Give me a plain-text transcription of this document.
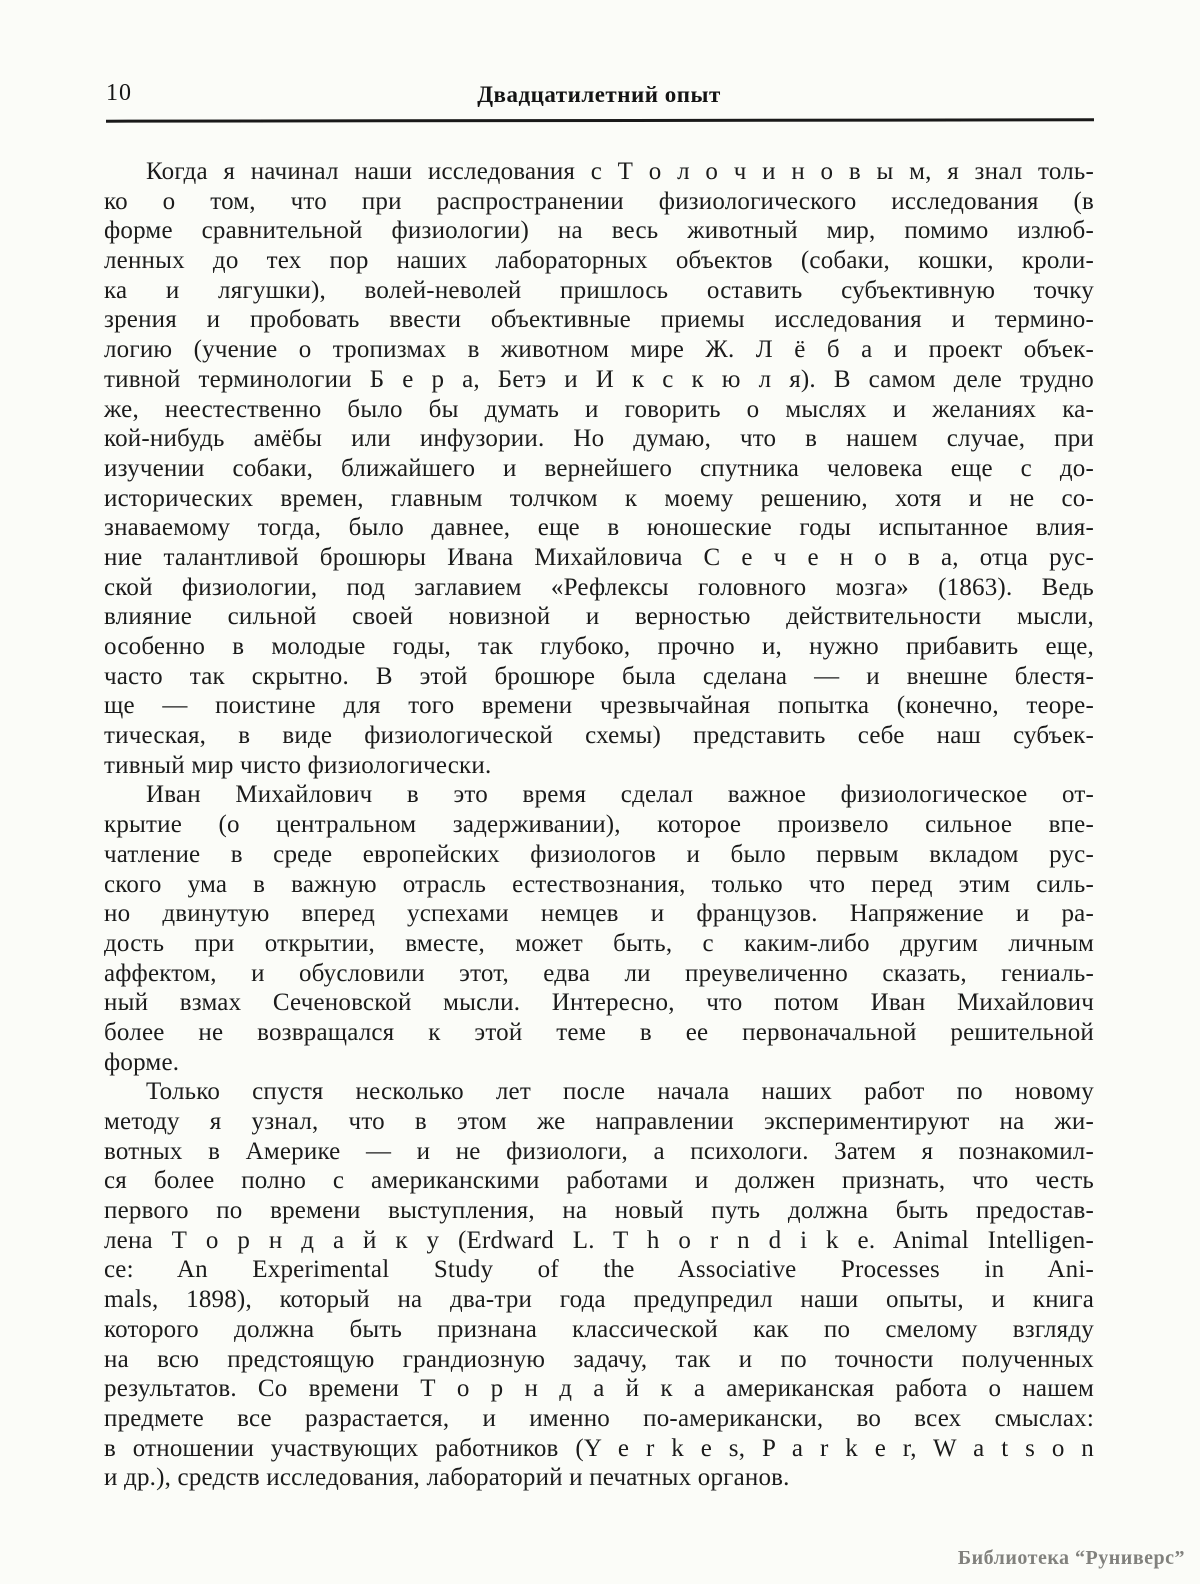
10	Двадцатилетний опыт
Когда я начинал наши исследования с Т о л о ч и н о в ы м, я знал толь-
ко о том, что при распространении физиологического исследования (в
форме сравнительной физиологии) на весь животный мир, помимо излюб-
ленных до тех пор наших лабораторных объектов (собаки, кошки, кроли-
ка и лягушки), волей-неволей пришлось оставить субъективную точку
зрения и пробовать ввести объективные приемы исследования и термино-
логию (учение о тропизмах в животном мире Ж. Л ё б а и проект объек-
тивной терминологии Б е р а, Бетэ и И к с к ю л я). В самом деле трудно
же, неестественно было бы думать и говорить о мыслях и желаниях ка-
кой-нибудь амёбы или инфузории. Но думаю, что в нашем случае, при
изучении собаки, ближайшего и вернейшего спутника человека еще с до-
исторических времен, главным толчком к моему решению, хотя и не со-
знаваемому тогда, было давнее, еще в юношеские годы испытанное влия-
ние талантливой брошюры Ивана Михайловича С е ч е н о в а, отца рус-
ской физиологии, под заглавием «Рефлексы головного мозга» (1863). Ведь
влияние сильной своей новизной и верностью действительности мысли,
особенно в молодые годы, так глубоко, прочно и, нужно прибавить еще,
часто так скрытно. В этой брошюре была сделана — и внешне блестя-
ще — поистине для того времени чрезвычайная попытка (конечно, теоре-
тическая, в виде физиологической схемы) представить себе наш субъек-
тивный мир чисто физиологически.
Иван Михайлович в это время сделал важное физиологическое от-
крытие (о центральном задерживании), которое произвело сильное впе-
чатление в среде европейских физиологов и было первым вкладом рус-
ского ума в важную отрасль естествознания, только что перед этим силь-
но двинутую вперед успехами немцев и французов. Напряжение и ра-
дость при открытии, вместе, может быть, с каким-либо другим личным
аффектом, и обусловили этот, едва ли преувеличенно сказать, гениаль-
ный взмах Сеченовской мысли. Интересно, что потом Иван Михайлович
более не возвращался к этой теме в ее первоначальной решительной
форме.
Только спустя несколько лет после начала наших работ по новому
методу я узнал, что в этом же направлении экспериментируют на жи-
вотных в Америке — и не физиологи, а психологи. Затем я познакомил-
ся более полно с американскими работами и должен признать, что честь
первого по времени выступления, на новый путь должна быть предостав-
лена Т о р н д а й к у (Erdward L. T h o r n d i k e. Animal Intelligen-
ce: An Experimental Study of the Associative Processes in Ani-
mals, 1898), который на два-три года предупредил наши опыты, и книга
которого должна быть признана классической как по смелому взгляду
на всю предстоящую грандиозную задачу, так и по точности полученных
результатов. Со времени Т о р н д а й к а американская работа о нашем
предмете все разрастается, и именно по-американски, во всех смыслах:
в отношении участвующих работников (Y e r k e s, P a r k e r, W a t s o n
и др.), средств исследования, лабораторий и печатных органов.
Библиотека “Руниверс”
